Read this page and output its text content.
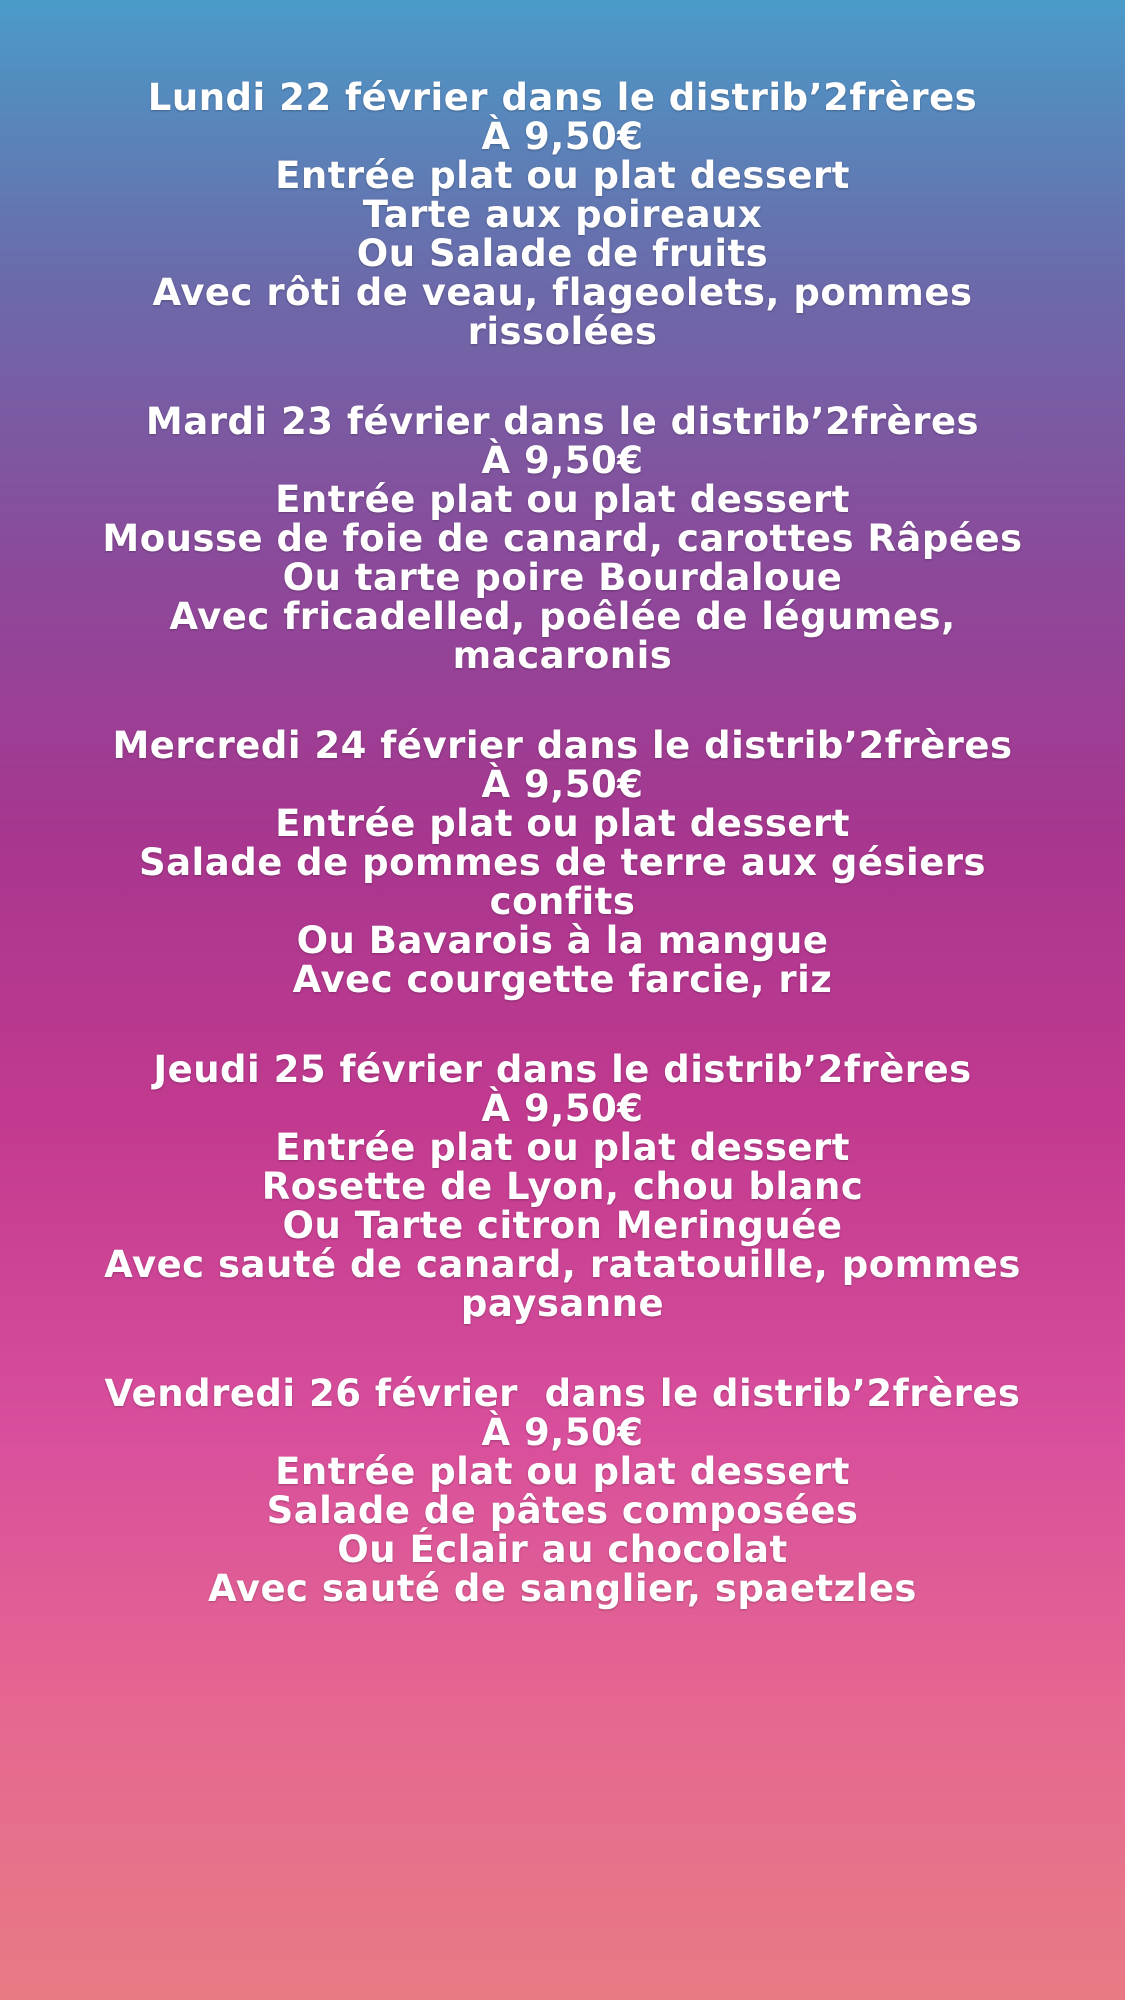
Lundi 22 février dans le distrib’2frères
À 9,50€
Entrée plat ou plat dessert
Tarte aux poireaux
Ou Salade de fruits
Avec rôti de veau, flageolets, pommes rissolées
Mardi 23 février dans le distrib’2frères
À 9,50€
Entrée plat ou plat dessert
Mousse de foie de canard, carottes Râpées
Ou tarte poire Bourdaloue
Avec fricadelled, poêlée de légumes, macaronis
Mercredi 24 février dans le distrib’2frères
À 9,50€
Entrée plat ou plat dessert
Salade de pommes de terre aux gésiers confits
Ou Bavarois à la mangue
Avec courgette farcie, riz
Jeudi 25 février dans le distrib’2frères
À 9,50€
Entrée plat ou plat dessert
Rosette de Lyon, chou blanc
Ou Tarte citron Meringuée
Avec sauté de canard, ratatouille, pommes paysanne
Vendredi 26 février  dans le distrib’2frères
À 9,50€
Entrée plat ou plat dessert
Salade de pâtes composées
Ou Éclair au chocolat
Avec sauté de sanglier, spaetzles
